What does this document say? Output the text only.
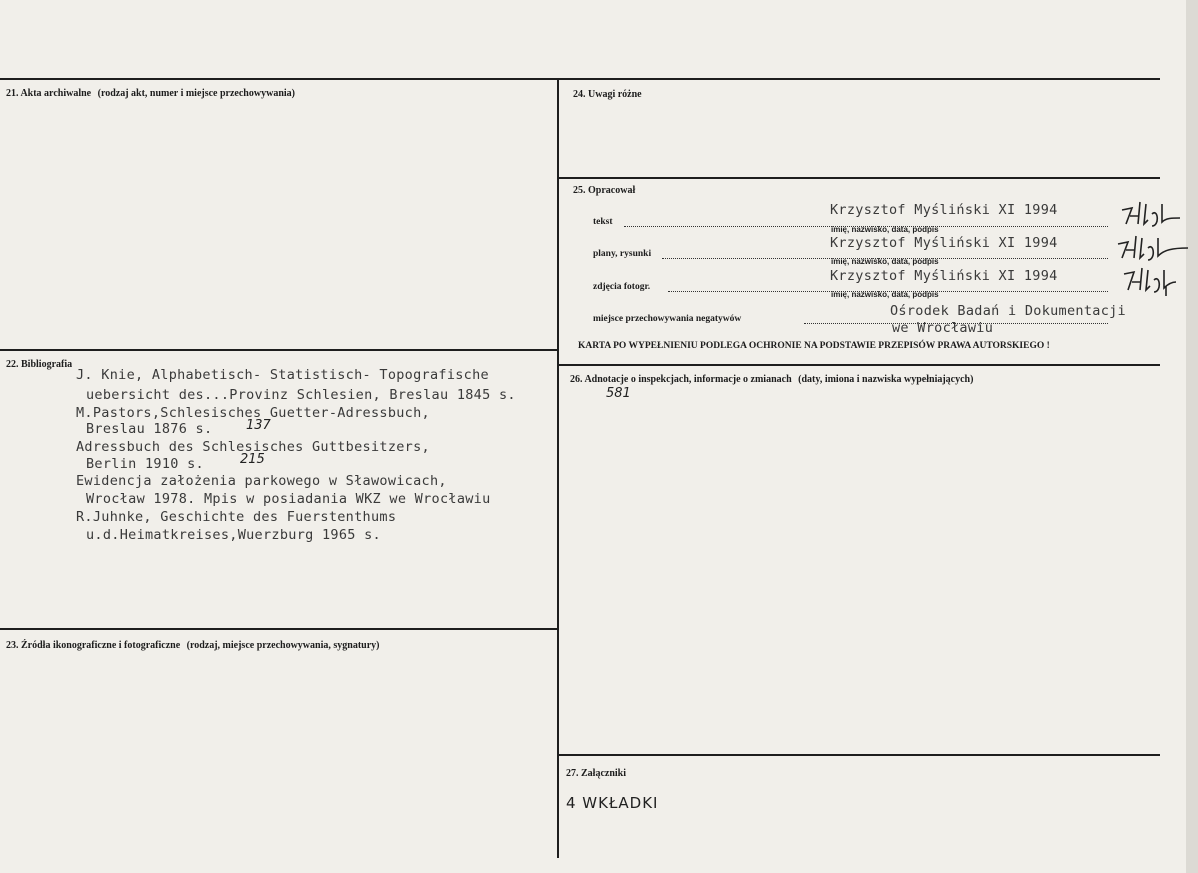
21. Akta archiwalne (rodzaj akt, numer i miejsce przechowywania)
22. Bibliografia
J. Knie, Alphabetisch- Statistisch- Topografische
uebersicht des...Provinz Schlesien, Breslau 1845 s.	581
M.Pastors,Schlesisches Guetter-Adressbuch,
Breslau 1876 s.	137
Adressbuch des Schlesisches Guttbesitzers,
Berlin 1910 s.	215
Ewidencja założenia parkowego w Sławowicach,
Wrocław 1978. Mpis w posiadania WKZ we Wrocławiu
R.Juhnke, Geschichte des Fuerstenthums
u.d.Heimatkreises,Wuerzburg 1965 s.
23. Źródła ikonograficzne i fotograficzne (rodzaj, miejsce przechowywania, sygnatury)
24. Uwagi różne
25. Opracował
tekst
Krzysztof Myśliński XI 1994
imię, nazwisko, data, podpis
plany, rysunki
Krzysztof Myśliński XI 1994
imię, nazwisko, data, podpis
zdjęcia fotogr.
Krzysztof Myśliński XI 1994
imię, nazwisko, data, podpis
miejsce przechowywania negatywów	Ośrodek Badań i Dokumentacji
we Wrocławiu
KARTA PO WYPEŁNIENIU PODLEGA OCHRONIE NA PODSTAWIE PRZEPISÓW PRAWA AUTORSKIEGO !
26. Adnotacje o inspekcjach, informacje o zmianach (daty, imiona i nazwiska wypełniających)
27. Załączniki
4 WKŁADKI
